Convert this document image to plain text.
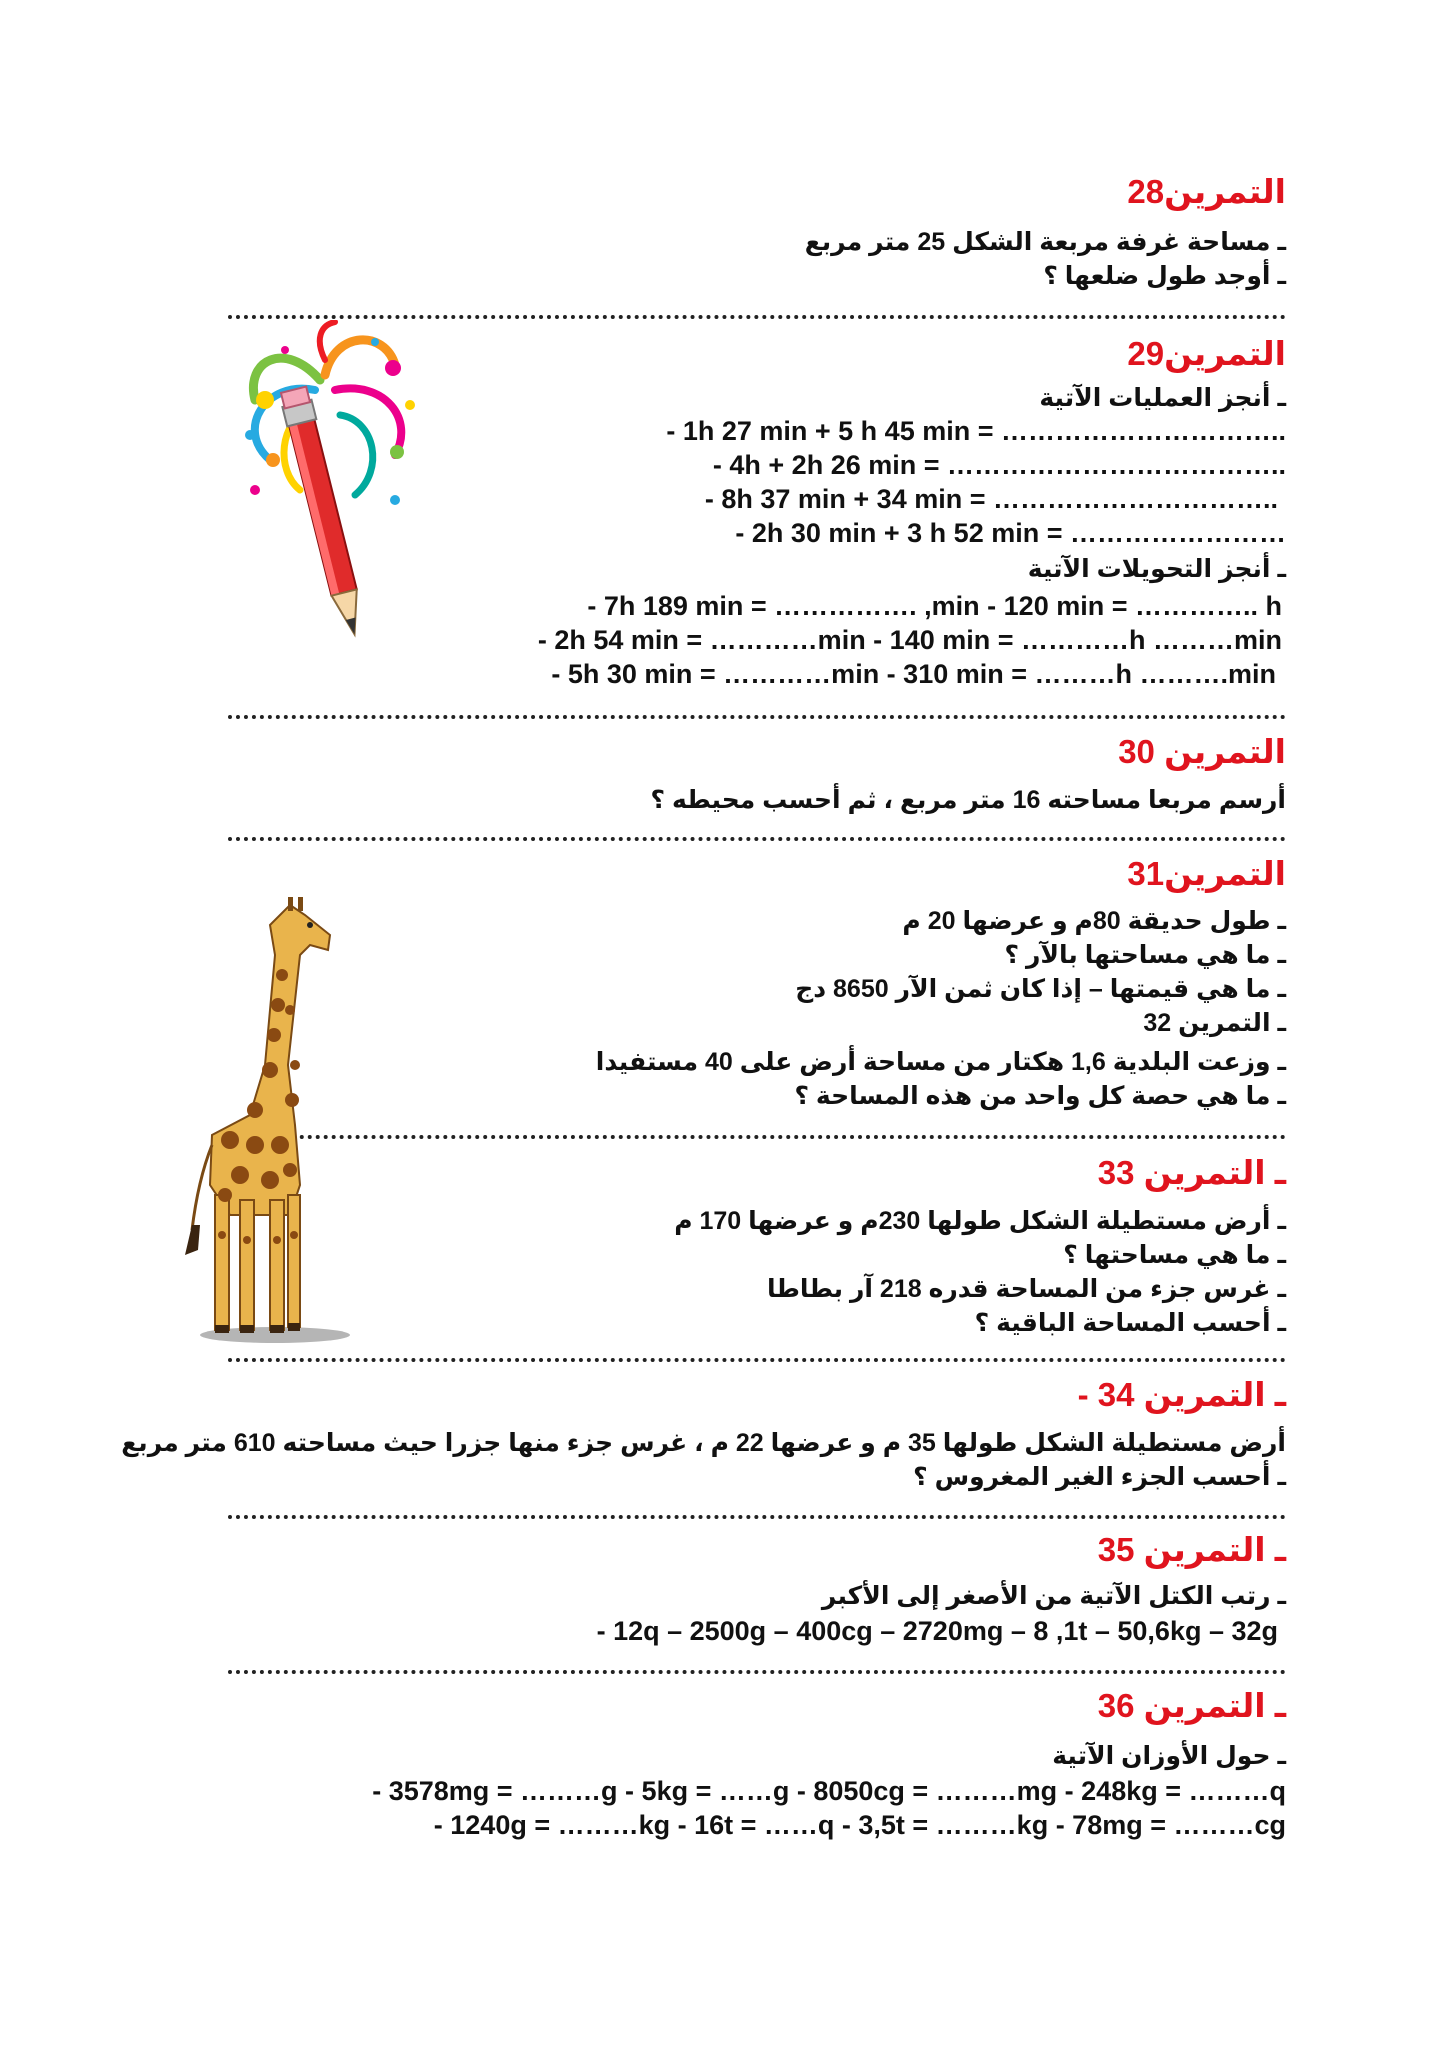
التمرين28
ـ مساحة غرفة مربعة الشكل 25 متر مربع
ـ أوجد طول ضلعها ؟
التمرين29
ـ أنجز العمليات الآتية
- 1h 27 min + 5 h 45 min = …………………………..
- 4h + 2h 26 min = ………………………………..
- 8h 37 min + 34 min = …………………………..
- 2h 30 min + 3 h 52 min = ……………………
ـ أنجز التحويلات الآتية
- 7h 189 min = ……………. ,min - 120 min = ………….. h
- 2h 54 min = …………min - 140 min = …………h ………min
- 5h 30 min = …………min - 310 min = ………h ……….min
التمرين 30
أرسم مربعا مساحته 16 متر مربع ، ثم أحسب محيطه ؟
التمرين31
ـ طول حديقة 80م و عرضها 20 م
ـ ما هي مساحتها بالآر ؟
ـ ما هي قيمتها – إذا كان ثمن الآر 8650 دج
ـ التمرين 32
ـ وزعت البلدية 1,6 هكتار من مساحة أرض على 40 مستفيدا
ـ ما هي حصة كل واحد من هذه المساحة ؟
ـ التمرين 33
ـ أرض مستطيلة الشكل طولها 230م و عرضها 170 م
ـ ما هي مساحتها ؟
ـ غرس جزء من المساحة قدره 218 آر بطاطا
ـ أحسب المساحة الباقية ؟
ـ التمرين 34 -
أرض مستطيلة الشكل طولها 35 م و عرضها 22 م ، غرس جزء منها جزرا حيث مساحته 610 متر مربع
ـ أحسب الجزء الغير المغروس ؟
ـ التمرين 35
ـ رتب الكتل الآتية من الأصغر إلى الأكبر
- 12q – 2500g – 400cg – 2720mg – 8 ,1t – 50,6kg – 32g
ـ التمرين 36
ـ حول الأوزان الآتية
- 3578mg = ………g - 5kg = ……g - 8050cg = ………mg - 248kg = ………q
- 1240g = ………kg - 16t = ……q - 3,5t = ………kg - 78mg = ………cg
